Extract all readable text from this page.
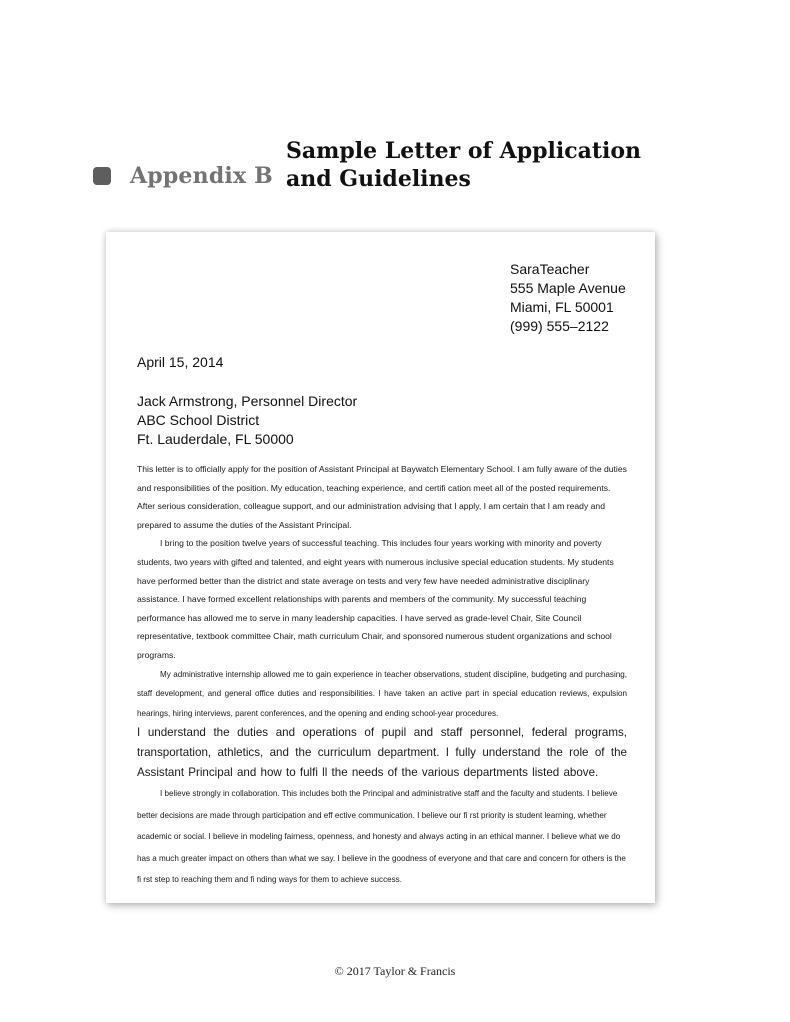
Appendix B
Sample Letter of Application
and Guidelines
SaraTeacher
555 Maple Avenue
Miami, FL 50001
(999) 555–2122
April 15, 2014
Jack Armstrong, Personnel Director
ABC School District
Ft. Lauderdale, FL 50000

This letter is to officially apply for the position of Assistant Principal at Baywatch Elementary School. I am fully aware of the duties and responsibilities of the position. My education, teaching experience, and certifi cation meet all of the posted requirements. After serious consideration, colleague support, and our administration advising that I apply, I am certain that I am ready and prepared to assume the duties of the Assistant Principal.

I bring to the position twelve years of successful teaching. This includes four years working with minority and poverty students, two years with gifted and talented, and eight years with numerous inclusive special education students. My students have performed better than the district and state average on tests and very few have needed administrative disciplinary assistance. I have formed excellent relationships with parents and members of the community. My successful teaching performance has allowed me to serve in many leadership capacities. I have served as grade-level Chair, Site Council representative, textbook committee Chair, math curriculum Chair, and sponsored numerous student organizations and school programs.

My administrative internship allowed me to gain experience in teacher observations, student discipline, budgeting and purchasing, staff development, and general office duties and responsibilities. I have taken an active part in special education reviews, expulsion hearings, hiring interviews, parent conferences, and the opening and ending school-year procedures.

I understand the duties and operations of pupil and staff personnel, federal programs, transportation, athletics, and the curriculum department. I fully understand the role of the Assistant Principal and how to fulfi ll the needs of the various departments listed above.

I believe strongly in collaboration. This includes both the Principal and administrative staff and the faculty and students. I believe better decisions are made through participation and eff ective communication. I believe our fi rst priority is student learning, whether academic or social. I believe in modeling fairness, openness, and honesty and always acting in an ethical manner. I believe what we do has a much greater impact on others than what we say. I believe in the goodness of everyone and that care and concern for others is the fi rst step to reaching them and fi nding ways for them to achieve success.

© 2017 Taylor & Francis
